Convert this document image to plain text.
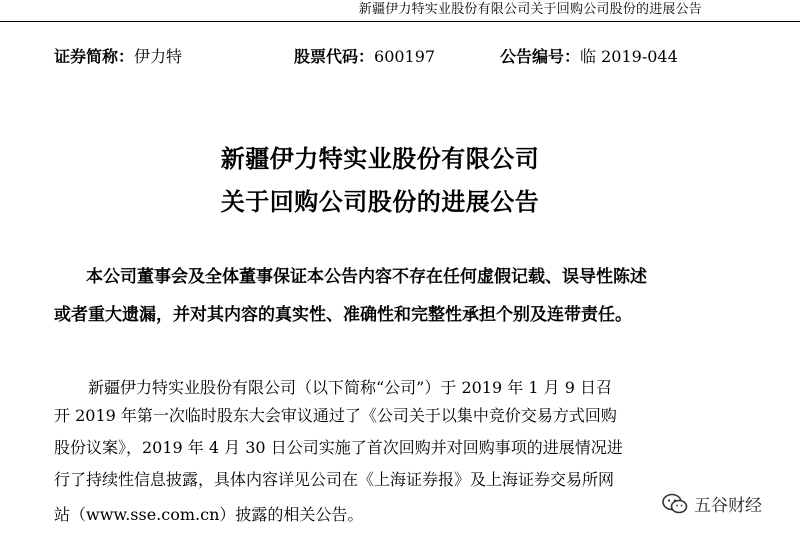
新疆伊力特实业股份有限公司关于回购公司股份的进展公告
证券简称：伊力特	股票代码：600197	公告编号：临 2019-044
新疆伊力特实业股份有限公司
关于回购公司股份的进展公告
本公司董事会及全体董事保证本公告内容不存在任何虚假记载、误导性陈述
或者重大遗漏，并对其内容的真实性、准确性和完整性承担个别及连带责任。
新疆伊力特实业股份有限公司（以下简称“公司”）于 2019 年 1 月 9 日召
开 2019 年第一次临时股东大会审议通过了《公司关于以集中竞价交易方式回购
股份议案》，2019 年 4 月 30 日公司实施了首次回购并对回购事项的进展情况进
行了持续性信息披露，具体内容详见公司在《上海证券报》及上海证券交易所网
站（www.sse.com.cn）披露的相关公告。	五谷财经
